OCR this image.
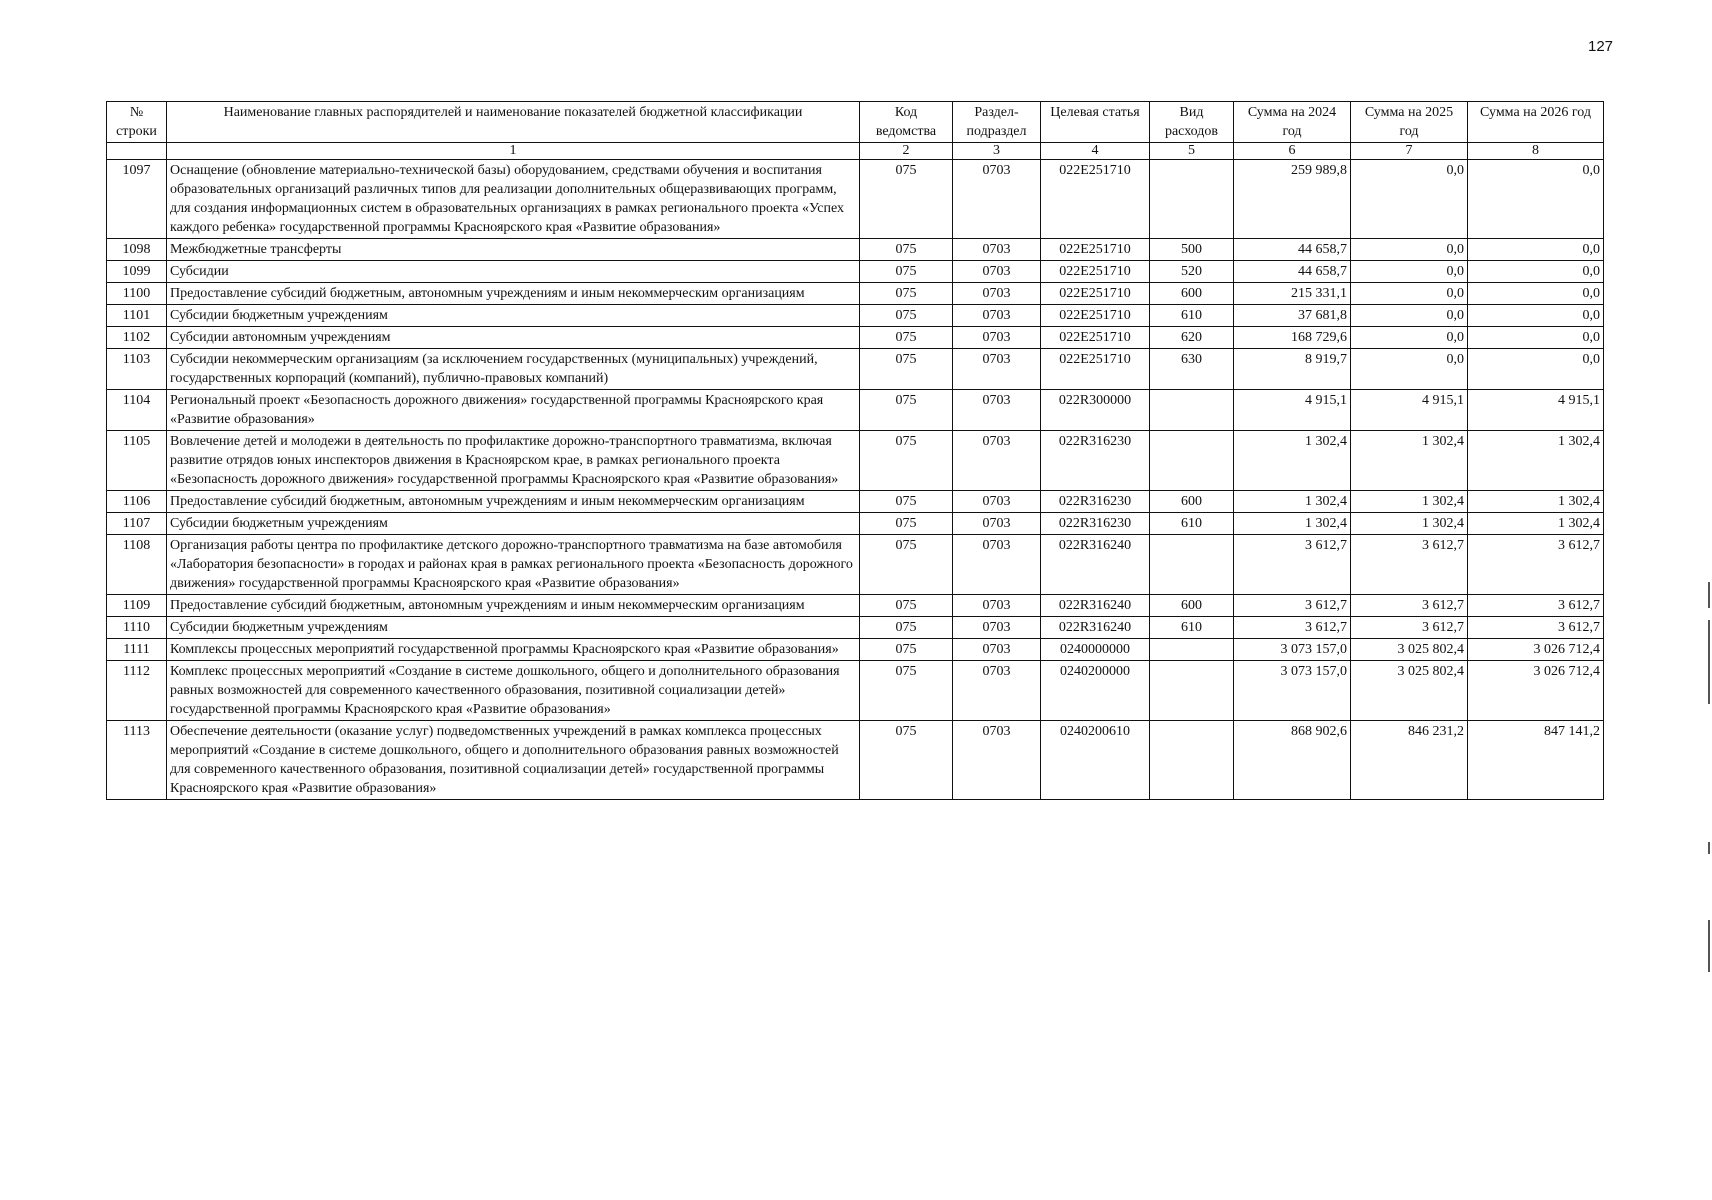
127
№ строки	Наименование главных распорядителей и наименование показателей бюджетной классификации	Код ведомства	Раздел-подраздел	Целевая статья	Вид расходов	Сумма на 2024 год	Сумма на 2025 год	Сумма на 2026 год
	1	2	3	4	5	6	7	8
1097	Оснащение (обновление материально-технической базы) оборудованием, средствами обучения и воспитания образовательных организаций различных типов для реализации дополнительных общеразвивающих программ, для создания информационных систем в образовательных организациях в рамках регионального проекта «Успех каждого ребенка» государственной программы Красноярского края «Развитие образования»	075	0703	022E251710		259 989,8	0,0	0,0
1098	Межбюджетные трансферты	075	0703	022E251710	500	44 658,7	0,0	0,0
1099	Субсидии	075	0703	022E251710	520	44 658,7	0,0	0,0
1100	Предоставление субсидий бюджетным, автономным учреждениям и иным некоммерческим организациям	075	0703	022E251710	600	215 331,1	0,0	0,0
1101	Субсидии бюджетным учреждениям	075	0703	022E251710	610	37 681,8	0,0	0,0
1102	Субсидии автономным учреждениям	075	0703	022E251710	620	168 729,6	0,0	0,0
1103	Субсидии некоммерческим организациям (за исключением государственных (муниципальных) учреждений, государственных корпораций (компаний), публично-правовых компаний)	075	0703	022E251710	630	8 919,7	0,0	0,0
1104	Региональный проект «Безопасность дорожного движения» государственной программы Красноярского края «Развитие образования»	075	0703	022R300000		4 915,1	4 915,1	4 915,1
1105	Вовлечение детей и молодежи в деятельность по профилактике дорожно-транспортного травматизма, включая развитие отрядов юных инспекторов движения в Красноярском крае, в рамках регионального проекта «Безопасность дорожного движения» государственной программы Красноярского края «Развитие образования»	075	0703	022R316230		1 302,4	1 302,4	1 302,4
1106	Предоставление субсидий бюджетным, автономным учреждениям и иным некоммерческим организациям	075	0703	022R316230	600	1 302,4	1 302,4	1 302,4
1107	Субсидии бюджетным учреждениям	075	0703	022R316230	610	1 302,4	1 302,4	1 302,4
1108	Организация работы центра по профилактике детского дорожно-транспортного травматизма на базе автомобиля «Лаборатория безопасности» в городах и районах края в рамках регионального проекта «Безопасность дорожного движения» государственной программы Красноярского края «Развитие образования»	075	0703	022R316240		3 612,7	3 612,7	3 612,7
1109	Предоставление субсидий бюджетным, автономным учреждениям и иным некоммерческим организациям	075	0703	022R316240	600	3 612,7	3 612,7	3 612,7
1110	Субсидии бюджетным учреждениям	075	0703	022R316240	610	3 612,7	3 612,7	3 612,7
1111	Комплексы процессных мероприятий государственной программы Красноярского края «Развитие образования»	075	0703	0240000000		3 073 157,0	3 025 802,4	3 026 712,4
1112	Комплекс процессных мероприятий «Создание в системе дошкольного, общего и дополнительного образования равных возможностей для современного качественного образования, позитивной социализации детей» государственной программы Красноярского края «Развитие образования»	075	0703	0240200000		3 073 157,0	3 025 802,4	3 026 712,4
1113	Обеспечение деятельности (оказание услуг) подведомственных учреждений в рамках комплекса процессных мероприятий «Создание в системе дошкольного, общего и дополнительного образования равных возможностей для современного качественного образования, позитивной социализации детей» государственной программы Красноярского края «Развитие образования»	075	0703	0240200610		868 902,6	846 231,2	847 141,2
